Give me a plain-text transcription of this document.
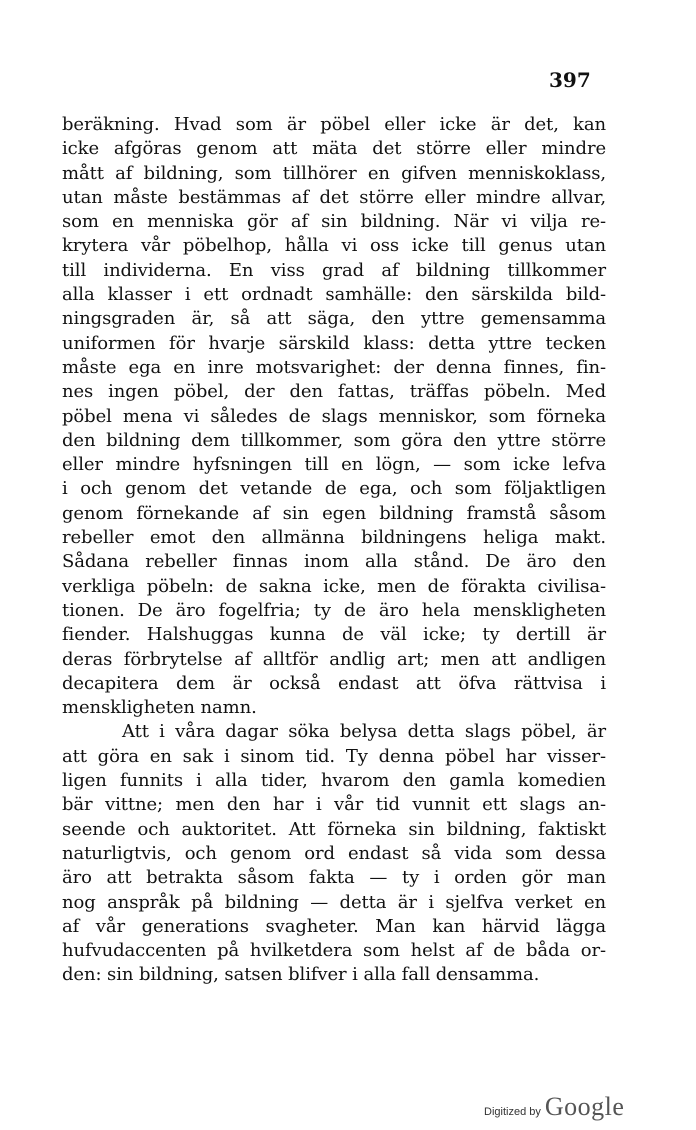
397
beräkning. Hvad som är pöbel eller icke är det, kan
icke afgöras genom att mäta det större eller mindre
mått af bildning, som tillhörer en gifven menniskoklass,
utan måste bestämmas af det större eller mindre allvar,
som en menniska gör af sin bildning. När vi vilja re-
krytera vår pöbelhop, hålla vi oss icke till genus utan
till individerna. En viss grad af bildning tillkommer
alla klasser i ett ordnadt samhälle: den särskilda bild-
ningsgraden är, så att säga, den yttre gemensamma
uniformen för hvarje särskild klass: detta yttre tecken
måste ega en inre motsvarighet: der denna finnes, fin-
nes ingen pöbel, der den fattas, träffas pöbeln. Med
pöbel mena vi således de slags menniskor, som förneka
den bildning dem tillkommer, som göra den yttre större
eller mindre hyfsningen till en lögn, — som icke lefva
i och genom det vetande de ega, och som följaktligen
genom förnekande af sin egen bildning framstå såsom
rebeller emot den allmänna bildningens heliga makt.
Sådana rebeller finnas inom alla stånd. De äro den
verkliga pöbeln: de sakna icke, men de förakta civilisa-
tionen. De äro fogelfria; ty de äro hela menskligheten
fiender. Halshuggas kunna de väl icke; ty dertill är
deras förbrytelse af alltför andlig art; men att andligen
decapitera dem är också endast att öfva rättvisa i
menskligheten namn.
Att i våra dagar söka belysa detta slags pöbel, är
att göra en sak i sinom tid. Ty denna pöbel har visser-
ligen funnits i alla tider, hvarom den gamla komedien
bär vittne; men den har i vår tid vunnit ett slags an-
seende och auktoritet. Att förneka sin bildning, faktiskt
naturligtvis, och genom ord endast så vida som dessa
äro att betrakta såsom fakta — ty i orden gör man
nog anspråk på bildning — detta är i sjelfva verket en
af vår generations svagheter. Man kan härvid lägga
hufvudaccenten på hvilketdera som helst af de båda or-
den: sin bildning, satsen blifver i alla fall densamma.
Digitized by Google
